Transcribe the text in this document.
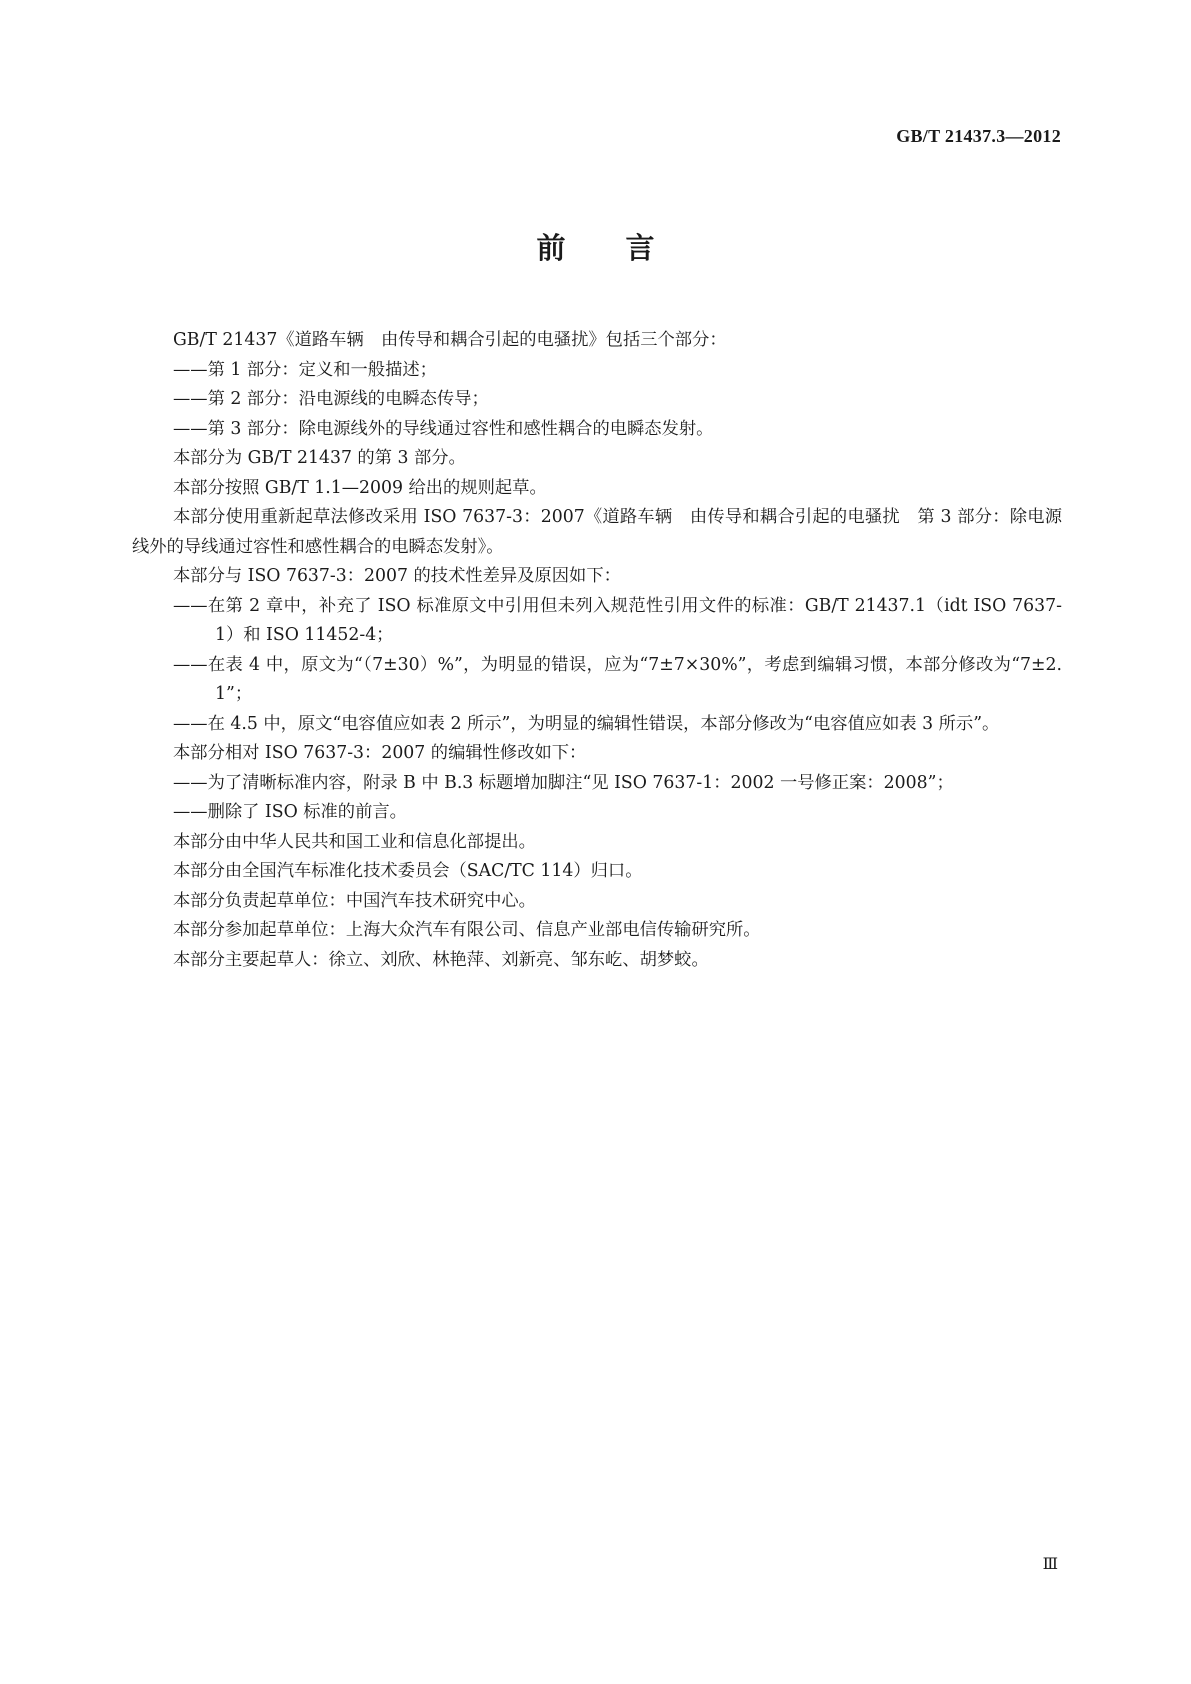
GB/T 21437.3—2012

前言

GB/T 21437《道路车辆　由传导和耦合引起的电骚扰》包括三个部分：

——第 1 部分：定义和一般描述；

——第 2 部分：沿电源线的电瞬态传导；

——第 3 部分：除电源线外的导线通过容性和感性耦合的电瞬态发射。

本部分为 GB/T 21437 的第 3 部分。

本部分按照 GB/T 1.1—2009 给出的规则起草。

本部分使用重新起草法修改采用 ISO 7637-3：2007《道路车辆　由传导和耦合引起的电骚扰　第 3 部分：除电源线外的导线通过容性和感性耦合的电瞬态发射》。

本部分与 ISO 7637-3：2007 的技术性差异及原因如下：

——在第 2 章中，补充了 ISO 标准原文中引用但未列入规范性引用文件的标准：GB/T 21437.1（idt ISO 7637-1）和 ISO 11452-4；

——在表 4 中，原文为“（7±30）%”，为明显的错误，应为“7±7×30%”，考虑到编辑习惯，本部分修改为“7±2.1”；

——在 4.5 中，原文“电容值应如表 2 所示”，为明显的编辑性错误，本部分修改为“电容值应如表 3 所示”。

本部分相对 ISO 7637-3：2007 的编辑性修改如下：

——为了清晰标准内容，附录 B 中 B.3 标题增加脚注“见 ISO 7637-1：2002 一号修正案：2008”；

——删除了 ISO 标准的前言。

本部分由中华人民共和国工业和信息化部提出。

本部分由全国汽车标准化技术委员会（SAC/TC 114）归口。

本部分负责起草单位：中国汽车技术研究中心。

本部分参加起草单位：上海大众汽车有限公司、信息产业部电信传输研究所。

本部分主要起草人：徐立、刘欣、林艳萍、刘新亮、邹东屹、胡梦蛟。

Ⅲ
